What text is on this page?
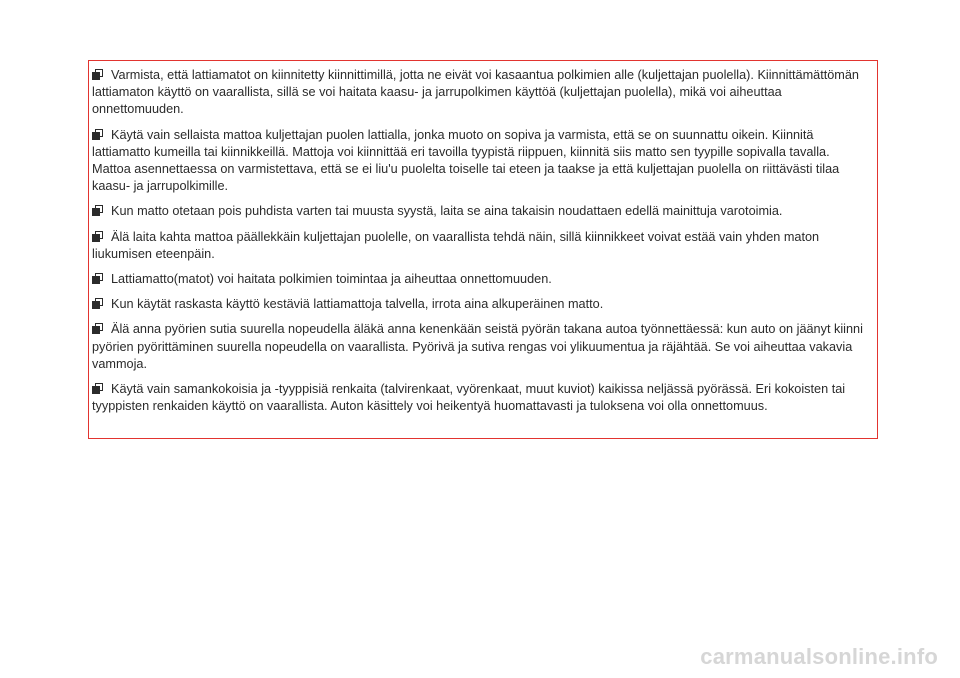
Varmista, että lattiamatot on kiinnitetty kiinnittimillä, jotta ne eivät voi kasaantua polkimien alle (kuljettajan puolella). Kiinnittämättömän lattiamaton käyttö on vaarallista, sillä se voi haitata kaasu- ja jarrupolkimen käyttöä (kuljettajan puolella), mikä voi aiheuttaa onnettomuuden.

Käytä vain sellaista mattoa kuljettajan puolen lattialla, jonka muoto on sopiva ja varmista, että se on suunnattu oikein. Kiinnitä lattiamatto kumeilla tai kiinnikkeillä. Mattoja voi kiinnittää eri tavoilla tyypistä riippuen, kiinnitä siis matto sen tyypille sopivalla tavalla. Mattoa asennettaessa on varmistettava, että se ei liu'u puolelta toiselle tai eteen ja taakse ja että kuljettajan puolella on riittävästi tilaa kaasu- ja jarrupolkimille.

Kun matto otetaan pois puhdista varten tai muusta syystä, laita se aina takaisin noudattaen edellä mainittuja varotoimia.

Älä laita kahta mattoa päällekkäin kuljettajan puolelle, on vaarallista tehdä näin, sillä kiinnikkeet voivat estää vain yhden maton liukumisen eteenpäin.

Lattiamatto(matot) voi haitata polkimien toimintaa ja aiheuttaa onnettomuuden.

Kun käytät raskasta käyttö kestäviä lattiamattoja talvella, irrota aina alkuperäinen matto.

Älä anna pyörien sutia suurella nopeudella äläkä anna kenenkään seistä pyörän takana autoa työnnettäessä: kun auto on jäänyt kiinni pyörien pyörittäminen suurella nopeudella on vaarallista. Pyörivä ja sutiva rengas voi ylikuumentua ja räjähtää. Se voi aiheuttaa vakavia vammoja.

Käytä vain samankokoisia ja -tyyppisiä renkaita (talvirenkaat, vyörenkaat, muut kuviot) kaikissa neljässä pyörässä. Eri kokoisten tai tyyppisten renkaiden käyttö on vaarallista. Auton käsittely voi heikentyä huomattavasti ja tuloksena voi olla onnettomuus.

carmanualsonline.info
